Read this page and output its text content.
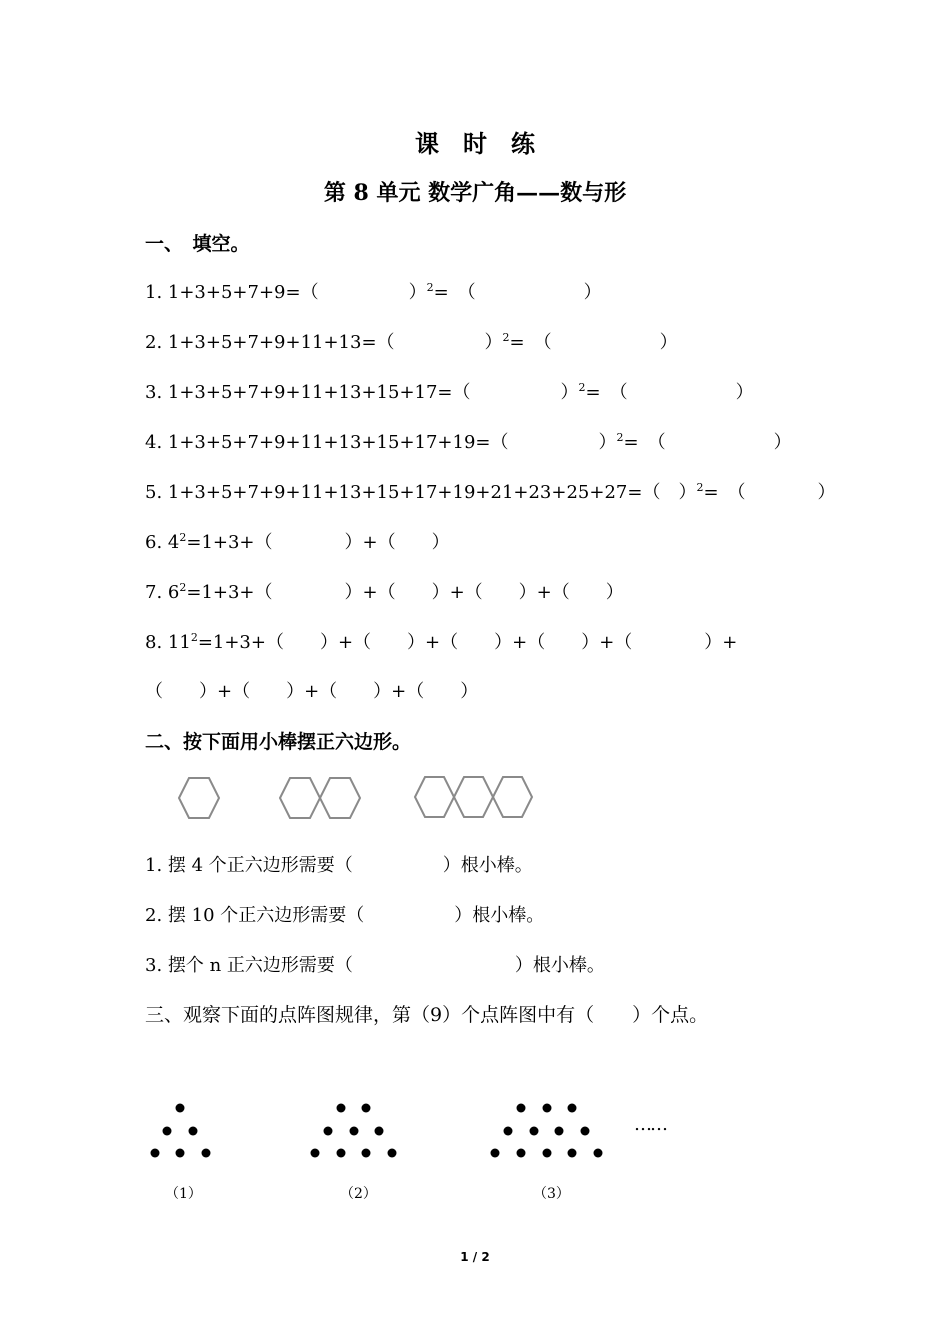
课　时　练
第 8 单元 数学广角——数与形
一、　填空。
1. 1+3+5+7+9=（　　　　　）$^2$=　（　　　　　　）
2. 1+3+5+7+9+11+13=（　　　　　）$^2$=　（　　　　　　）
3. 1+3+5+7+9+11+13+15+17=（　　　　　）$^2$=　（　　　　　　）
4. 1+3+5+7+9+11+13+15+17+19=（　　　　　）$^2$=　（　　　　　　）
5. 1+3+5+7+9+11+13+15+17+19+21+23+25+27=（　）$^2$=　（　　　　）
6. $4^2=1+3+$（　　　　）+（　　）
7. $6^2=1+3+$（　　　　）+（　　）+（　　）+（　　）
8. $11^2=1+3+$（　　）+（　　）+（　　）+（　　）+（　　　　）+
（　　）+（　　）+（　　）+（　　）
二、按下面用小棒摆正六边形。
1. 摆 4 个正六边形需要（　　　　　）根小棒。
2. 摆 10 个正六边形需要（　　　　　）根小棒。
3. 摆个 n 正六边形需要（　　　　　　　　　）根小棒。
三、观察下面的点阵图规律，第（9）个点阵图中有（　　）个点。
……
（1）	（2）	（3）
1 / 2
